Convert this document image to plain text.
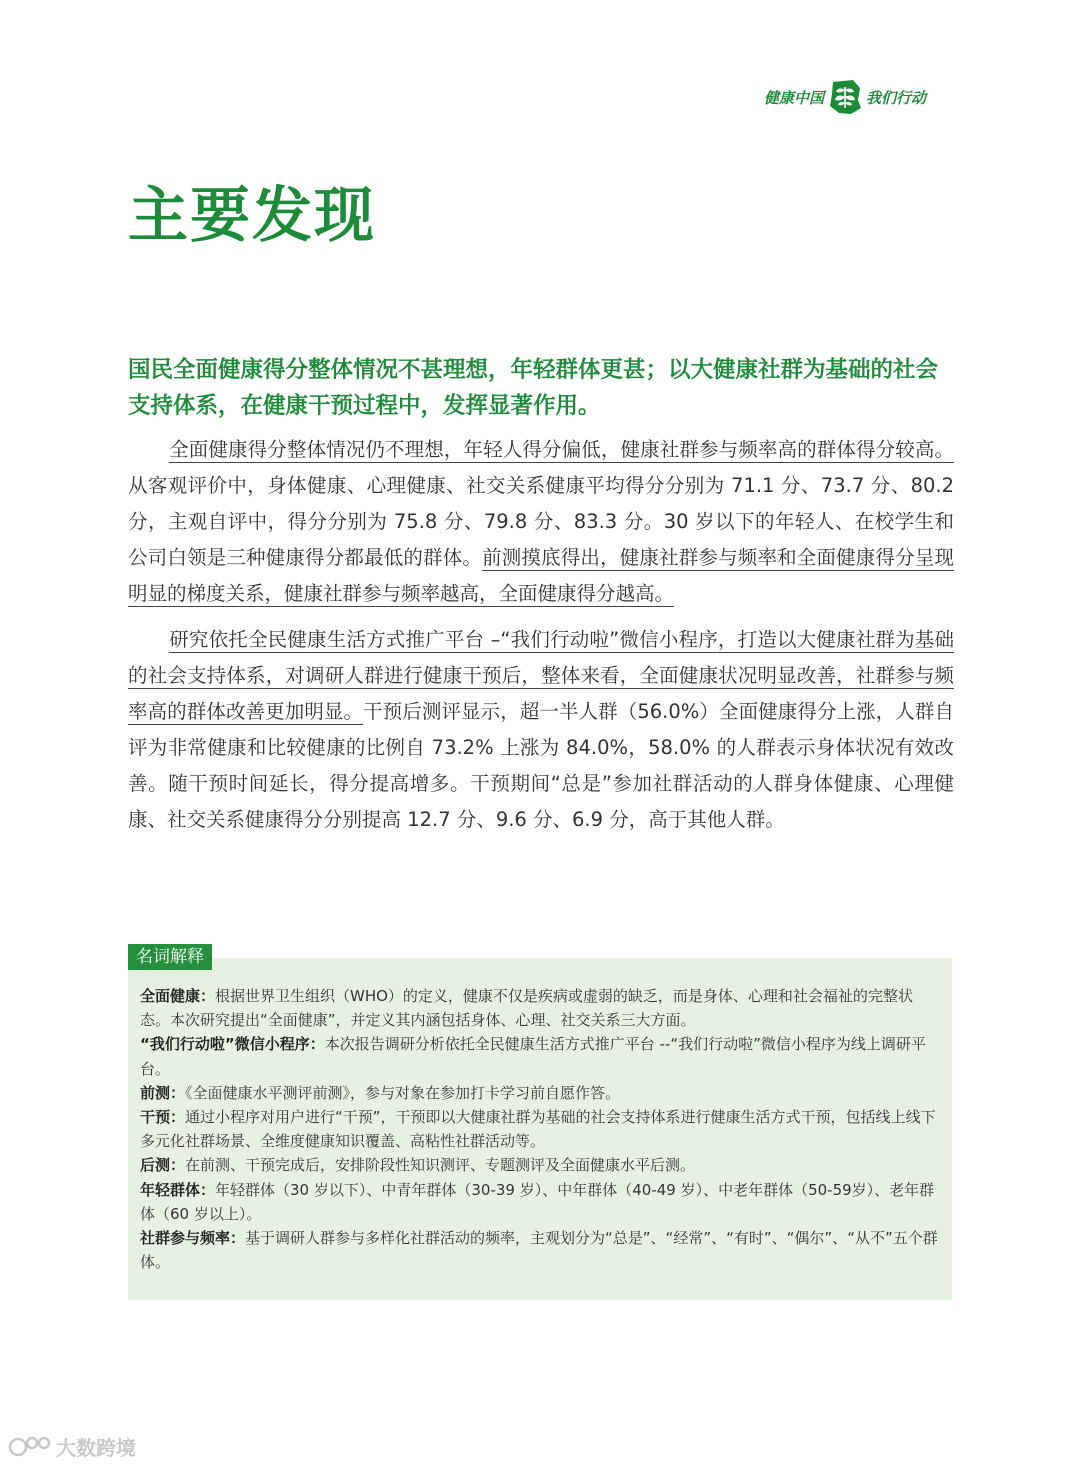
健康中国	我们行动
主要发现

国民全面健康得分整体情况不甚理想，年轻群体更甚；以大健康社群为基础的社会支持体系，在健康干预过程中，发挥显著作用。

全面健康得分整体情况仍不理想，年轻人得分偏低，健康社群参与频率高的群体得分较高。从客观评价中，身体健康、心理健康、社交关系健康平均得分分别为 71.1 分、73.7 分、80.2 分，主观自评中，得分分别为 75.8 分、79.8 分、83.3 分。30 岁以下的年轻人、在校学生和公司白领是三种健康得分都最低的群体。前测摸底得出，健康社群参与频率和全面健康得分呈现明显的梯度关系，健康社群参与频率越高，全面健康得分越高。

研究依托全民健康生活方式推广平台 –“我们行动啦”微信小程序，打造以大健康社群为基础的社会支持体系，对调研人群进行健康干预后，整体来看，全面健康状况明显改善，社群参与频率高的群体改善更加明显。干预后测评显示，超一半人群（56.0%）全面健康得分上涨，人群自评为非常健康和比较健康的比例自 73.2% 上涨为 84.0%，58.0% 的人群表示身体状况有效改善。随干预时间延长，得分提高增多。干预期间“总是”参加社群活动的人群身体健康、心理健康、社交关系健康得分分别提高 12.7 分、9.6 分、6.9 分，高于其他人群。

名词解释

全面健康：根据世界卫生组织（WHO）的定义，健康不仅是疾病或虚弱的缺乏，而是身体、心理和社会福祉的完整状态。本次研究提出“全面健康”，并定义其内涵包括身体、心理、社交关系三大方面。

“我们行动啦”微信小程序：本次报告调研分析依托全民健康生活方式推广平台 --“我们行动啦”微信小程序为线上调研平台。

前测：《全面健康水平测评前测》，参与对象在参加打卡学习前自愿作答。

干预：通过小程序对用户进行“干预”，干预即以大健康社群为基础的社会支持体系进行健康生活方式干预，包括线上线下多元化社群场景、全维度健康知识覆盖、高粘性社群活动等。

后测：在前测、干预完成后，安排阶段性知识测评、专题测评及全面健康水平后测。

年轻群体：年轻群体（30 岁以下）、中青年群体（30-39 岁）、中年群体（40-49 岁）、中老年群体（50-59岁）、老年群体（60 岁以上）。

社群参与频率：基于调研人群参与多样化社群活动的频率，主观划分为“总是”、“经常”、“有时”、“偶尔”、“从不”五个群体。

大数跨境
